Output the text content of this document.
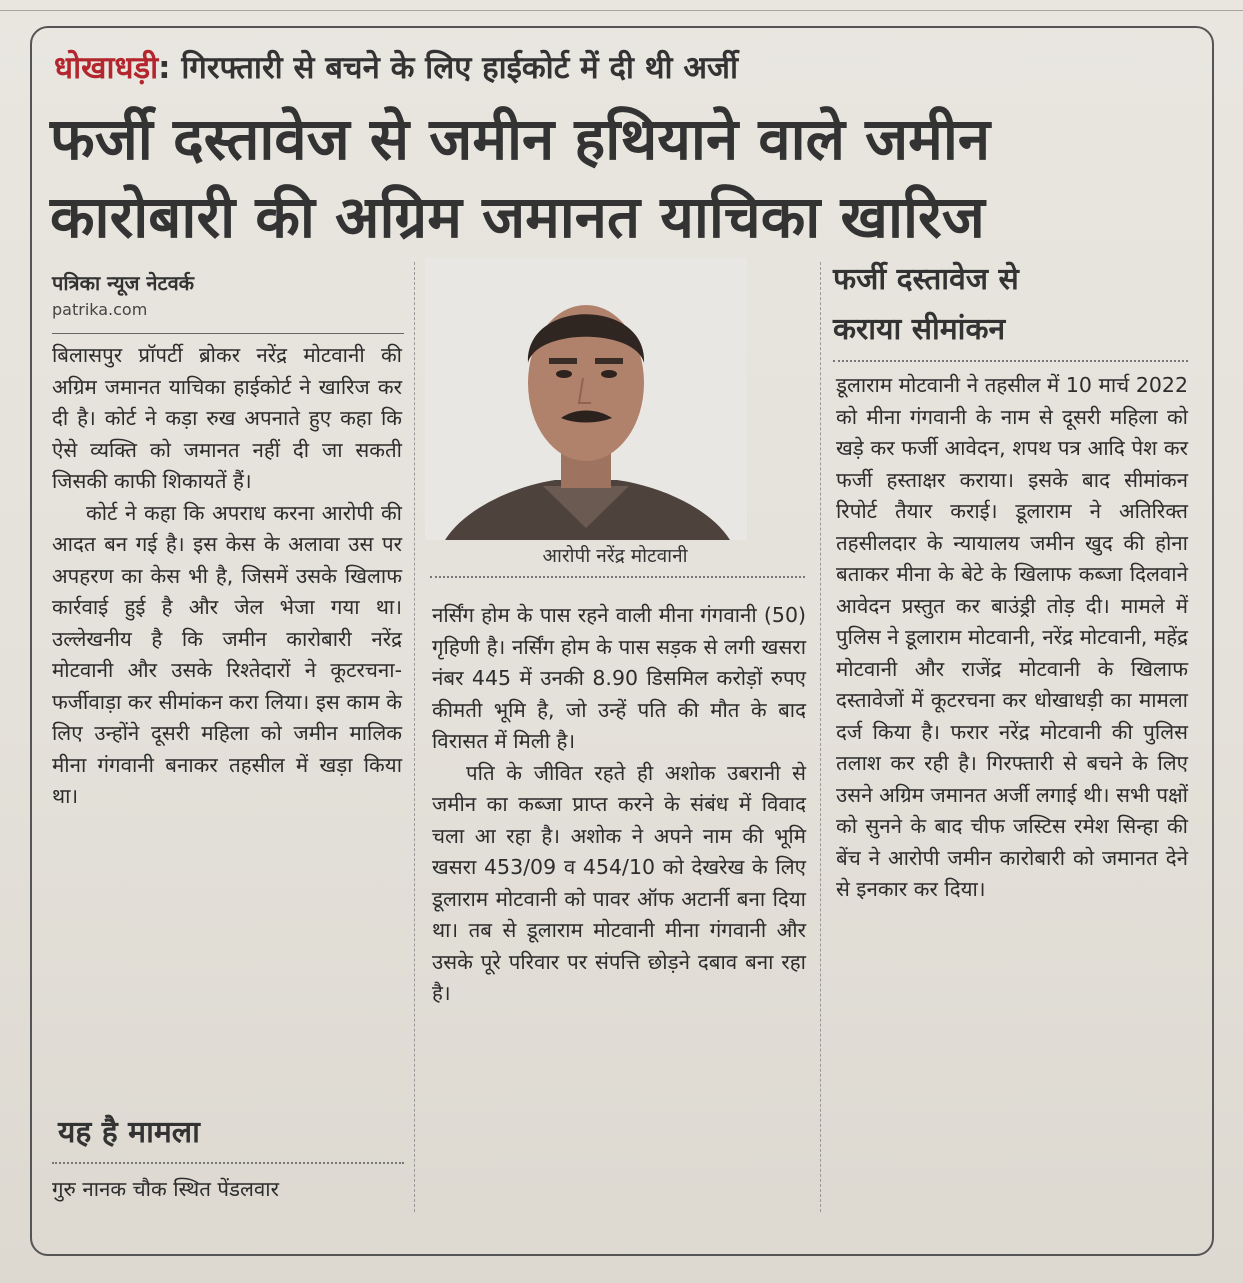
धोखाधड़ी: गिरफ्तारी से बचने के लिए हाईकोर्ट में दी थी अर्जी
फर्जी दस्तावेज से जमीन हथियाने वाले जमीन
कारोबारी की अग्रिम जमानत याचिका खारिज
पत्रिका न्यूज नेटवर्क
patrika.com

बिलासपुर प्रॉपर्टी ब्रोकर नरेंद्र मोटवानी की अग्रिम जमानत याचिका हाईकोर्ट ने खारिज कर दी है। कोर्ट ने कड़ा रुख अपनाते हुए कहा कि ऐसे व्यक्ति को जमानत नहीं दी जा सकती जिसकी काफी शिकायतें हैं।

कोर्ट ने कहा कि अपराध करना आरोपी की आदत बन गई है। इस केस के अलावा उस पर अपहरण का केस भी है, जिसमें उसके खिलाफ कार्रवाई हुई है और जेल भेजा गया था। उल्लेखनीय है कि जमीन कारोबारी नरेंद्र मोटवानी और उसके रिश्तेदारों ने कूटरचना-फर्जीवाड़ा कर सीमांकन करा लिया। इस काम के लिए उन्होंने दूसरी महिला को जमीन मालिक मीना गंगवानी बनाकर तहसील में खड़ा किया था।

यह है मामला

गुरु नानक चौक स्थित पेंडलवार

आरोपी नरेंद्र मोटवानी

नर्सिंग होम के पास रहने वाली मीना गंगवानी (50) गृहिणी है। नर्सिंग होम के पास सड़क से लगी खसरा नंबर 445 में उनकी 8.90 डिसमिल करोड़ों रुपए कीमती भूमि है, जो उन्हें पति की मौत के बाद विरासत में मिली है।

पति के जीवित रहते ही अशोक उबरानी से जमीन का कब्जा प्राप्त करने के संबंध में विवाद चला आ रहा है। अशोक ने अपने नाम की भूमि खसरा 453/09 व 454/10 को देखरेख के लिए डूलाराम मोटवानी को पावर ऑफ अटार्नी बना दिया था। तब से डूलाराम मोटवानी मीना गंगवानी और उसके पूरे परिवार पर संपत्ति छोड़ने दबाव बना रहा है।

फर्जी दस्तावेज से
कराया सीमांकन

डूलाराम मोटवानी ने तहसील में 10 मार्च 2022 को मीना गंगवानी के नाम से दूसरी महिला को खड़े कर फर्जी आवेदन, शपथ पत्र आदि पेश कर फर्जी हस्ताक्षर कराया। इसके बाद सीमांकन रिपोर्ट तैयार कराई। डूलाराम ने अतिरिक्त तहसीलदार के न्यायालय जमीन खुद की होना बताकर मीना के बेटे के खिलाफ कब्जा दिलवाने आवेदन प्रस्तुत कर बाउंड्री तोड़ दी। मामले में पुलिस ने डूलाराम मोटवानी, नरेंद्र मोटवानी, महेंद्र मोटवानी और राजेंद्र मोटवानी के खिलाफ दस्तावेजों में कूटरचना कर धोखाधड़ी का मामला दर्ज किया है। फरार नरेंद्र मोटवानी की पुलिस तलाश कर रही है। गिरफ्तारी से बचने के लिए उसने अग्रिम जमानत अर्जी लगाई थी। सभी पक्षों को सुनने के बाद चीफ जस्टिस रमेश सिन्हा की बेंच ने आरोपी जमीन कारोबारी को जमानत देने से इनकार कर दिया।
